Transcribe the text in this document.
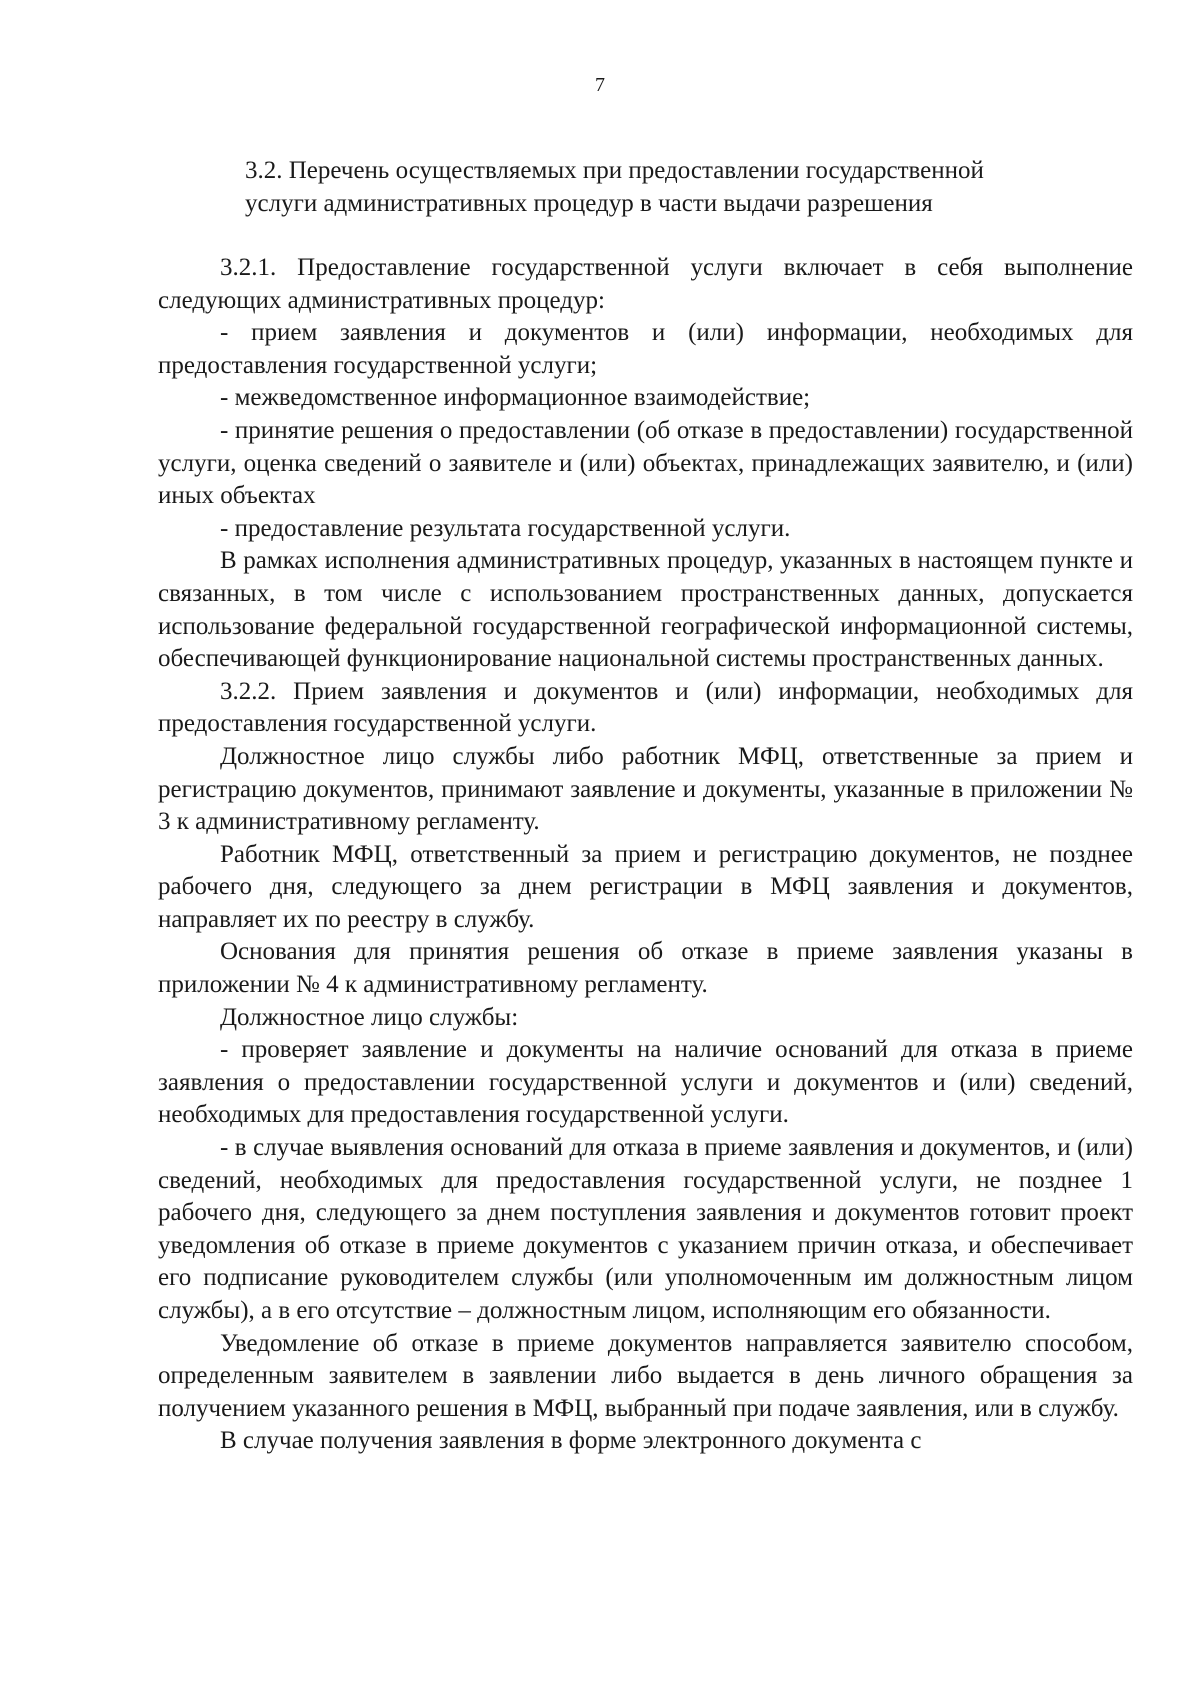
7

3.2. Перечень осуществляемых при предоставлении государственной

услуги административных процедур в части выдачи разрешения

3.2.1. Предоставление государственной услуги включает в себя выполнение следующих административных процедур:

- прием заявления и документов и (или) информации, необходимых для предоставления государственной услуги;

- межведомственное информационное взаимодействие;

- принятие решения о предоставлении (об отказе в предоставлении) государственной услуги, оценка сведений о заявителе и (или) объектах, принадлежащих заявителю, и (или) иных объектах

- предоставление результата государственной услуги.

В рамках исполнения административных процедур, указанных в настоящем пункте и связанных, в том числе с использованием пространственных данных, допускается использование федеральной государственной географической информационной системы, обеспечивающей функционирование национальной системы пространственных данных.

3.2.2. Прием заявления и документов и (или) информации, необходимых для предоставления государственной услуги.

Должностное лицо службы либо работник МФЦ, ответственные за прием и регистрацию документов, принимают заявление и документы, указанные в приложении № 3 к административному регламенту.

Работник МФЦ, ответственный за прием и регистрацию документов, не позднее рабочего дня, следующего за днем регистрации в МФЦ заявления и документов, направляет их по реестру в службу.

Основания для принятия решения об отказе в приеме заявления указаны в приложении № 4 к административному регламенту.

Должностное лицо службы:

- проверяет заявление и документы на наличие оснований для отказа в приеме заявления о предоставлении государственной услуги и документов и (или) сведений, необходимых для предоставления государственной услуги.

- в случае выявления оснований для отказа в приеме заявления и документов, и (или) сведений, необходимых для предоставления государственной услуги, не позднее 1 рабочего дня, следующего за днем поступления заявления и документов готовит проект уведомления об отказе в приеме документов с указанием причин отказа, и обеспечивает его подписание руководителем службы (или уполномоченным им должностным лицом службы), а в его отсутствие – должностным лицом, исполняющим его обязанности.

Уведомление об отказе в приеме документов направляется заявителю способом, определенным заявителем в заявлении либо выдается в день личного обращения за получением указанного решения в МФЦ, выбранный при подаче заявления, или в службу.

В случае получения заявления в форме электронного документа с
